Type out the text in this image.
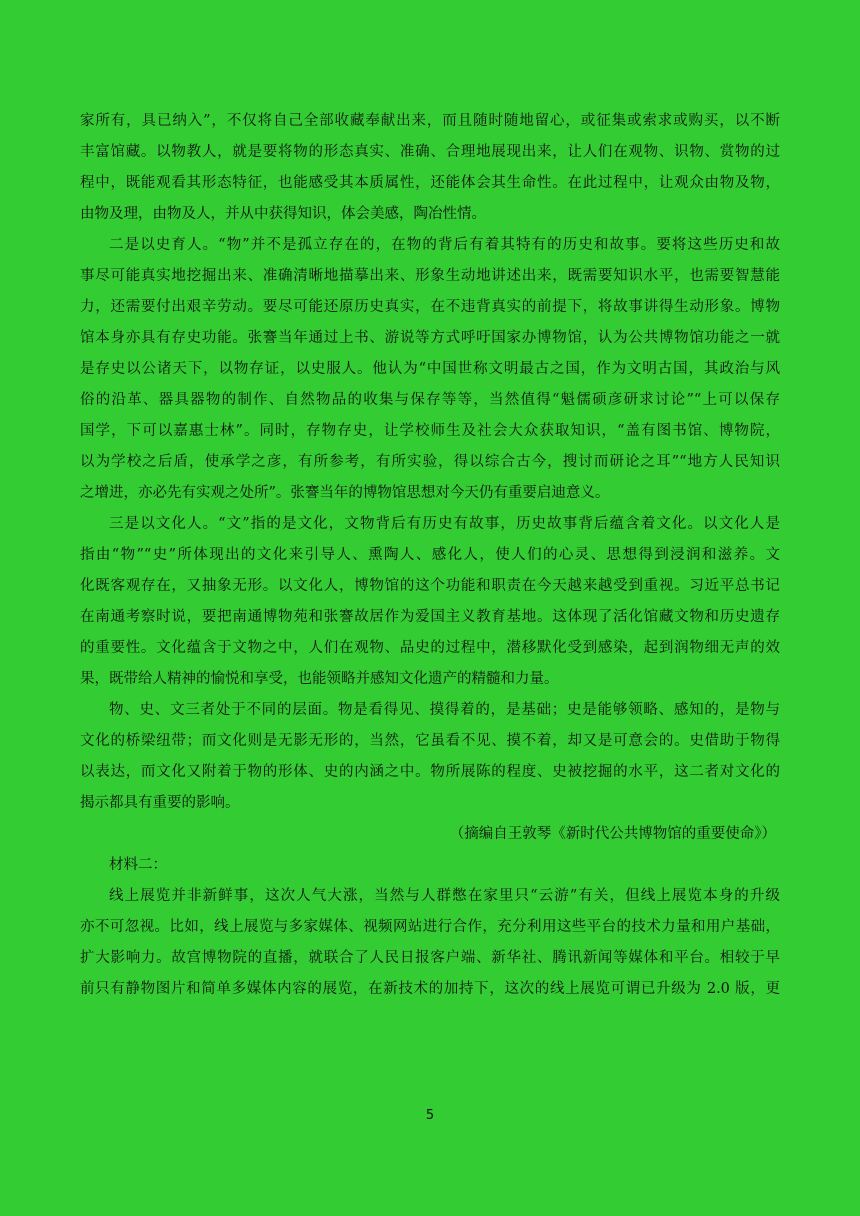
家所有，具已纳入”，不仅将自己全部收藏奉献出来，而且随时随地留心，或征集或索求或购买，以不断
丰富馆藏。以物教人，就是要将物的形态真实、准确、合理地展现出来，让人们在观物、识物、赏物的过
程中，既能观看其形态特征，也能感受其本质属性，还能体会其生命性。在此过程中，让观众由物及物，
由物及理，由物及人，并从中获得知识，体会美感，陶冶性情。
二是以史育人。“物”并不是孤立存在的，在物的背后有着其特有的历史和故事。要将这些历史和故
事尽可能真实地挖掘出来、准确清晰地描摹出来、形象生动地讲述出来，既需要知识水平，也需要智慧能
力，还需要付出艰辛劳动。要尽可能还原历史真实，在不违背真实的前提下，将故事讲得生动形象。博物
馆本身亦具有存史功能。张謇当年通过上书、游说等方式呼吁国家办博物馆，认为公共博物馆功能之一就
是存史以公诸天下，以物存证，以史服人。他认为“中国世称文明最古之国，作为文明古国，其政治与风
俗的沿革、器具器物的制作、自然物品的收集与保存等等，当然值得“魁儒硕彦研求讨论”“上可以保存
国学，下可以嘉惠士林”。同时，存物存史，让学校师生及社会大众获取知识，“盖有图书馆、博物院，
以为学校之后盾，使承学之彦，有所参考，有所实验，得以综合古今，搜讨而研论之耳”“地方人民知识
之增进，亦必先有实观之处所”。张謇当年的博物馆思想对今天仍有重要启迪意义。
三是以文化人。“文”指的是文化，文物背后有历史有故事，历史故事背后蕴含着文化。以文化人是
指由“物”“史”所体现出的文化来引导人、熏陶人、感化人，使人们的心灵、思想得到浸润和滋养。文
化既客观存在，又抽象无形。以文化人，博物馆的这个功能和职责在今天越来越受到重视。习近平总书记
在南通考察时说，要把南通博物苑和张謇故居作为爱国主义教育基地。这体现了活化馆藏文物和历史遗存
的重要性。文化蕴含于文物之中，人们在观物、品史的过程中，潜移默化受到感染，起到润物细无声的效
果，既带给人精神的愉悦和享受，也能领略并感知文化遗产的精髓和力量。
物、史、文三者处于不同的层面。物是看得见、摸得着的，是基础；史是能够领略、感知的，是物与
文化的桥梁纽带；而文化则是无影无形的，当然，它虽看不见、摸不着，却又是可意会的。史借助于物得
以表达，而文化又附着于物的形体、史的内涵之中。物所展陈的程度、史被挖掘的水平，这二者对文化的
揭示都具有重要的影响。
（摘编自王敦琴《新时代公共博物馆的重要使命》）
材料二：
线上展览并非新鲜事，这次人气大涨，当然与人群憋在家里只“云游”有关，但线上展览本身的升级
亦不可忽视。比如，线上展览与多家媒体、视频网站进行合作，充分利用这些平台的技术力量和用户基础，
扩大影响力。故宫博物院的直播，就联合了人民日报客户端、新华社、腾讯新闻等媒体和平台。相较于早
前只有静物图片和简单多媒体内容的展览，在新技术的加持下，这次的线上展览可谓已升级为 2.0 版，更
5
